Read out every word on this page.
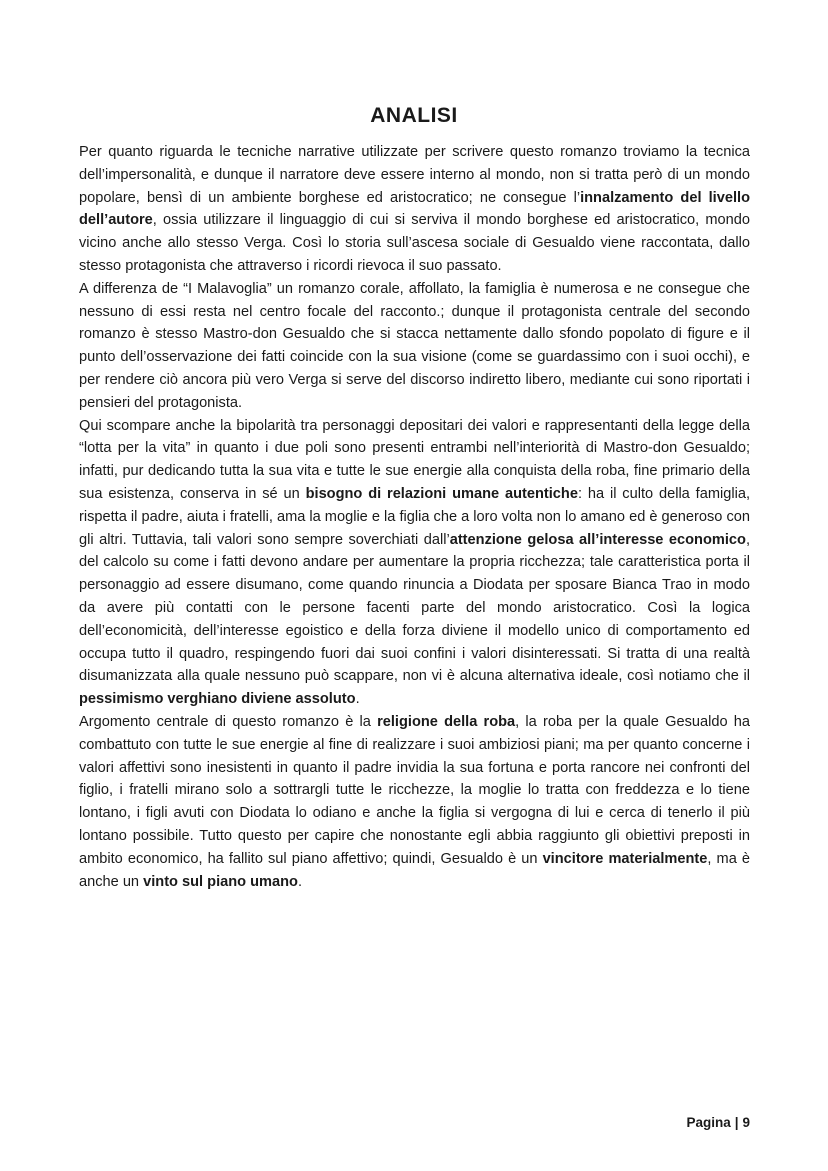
ANALISI

Per quanto riguarda le tecniche narrative utilizzate per scrivere questo romanzo troviamo la tecnica dell’impersonalità, e dunque il narratore deve essere interno al mondo, non si tratta però di un mondo popolare, bensì di un ambiente borghese ed aristocratico; ne consegue l’innalzamento del livello dell’autore, ossia utilizzare il linguaggio di cui si serviva il mondo borghese ed aristocratico, mondo vicino anche allo stesso Verga. Così lo storia sull’ascesa sociale di Gesualdo viene raccontata, dallo stesso protagonista che attraverso i ricordi rievoca il suo passato.

A differenza de “I Malavoglia” un romanzo corale, affollato, la famiglia è numerosa e ne consegue che nessuno di essi resta nel centro focale del racconto.; dunque il protagonista centrale del secondo romanzo è stesso Mastro-don Gesualdo che si stacca nettamente dallo sfondo popolato di figure e il punto dell’osservazione dei fatti coincide con la sua visione (come se guardassimo con i suoi occhi), e per rendere ciò ancora più vero Verga si serve del discorso indiretto libero, mediante cui sono riportati i pensieri del protagonista.

Qui scompare anche la bipolarità tra personaggi depositari dei valori e rappresentanti della legge della “lotta per la vita” in quanto i due poli sono presenti entrambi nell’interiorità di Mastro-don Gesualdo; infatti, pur dedicando tutta la sua vita e tutte le sue energie alla conquista della roba, fine primario della sua esistenza, conserva in sé un bisogno di relazioni umane autentiche: ha il culto della famiglia, rispetta il padre, aiuta i fratelli, ama la moglie e la figlia che a loro volta non lo amano ed è generoso con gli altri. Tuttavia, tali valori sono sempre soverchiati dall’attenzione gelosa all’interesse economico, del calcolo su come i fatti devono andare per aumentare la propria ricchezza; tale caratteristica porta il personaggio ad essere disumano, come quando rinuncia a Diodata per sposare Bianca Trao in modo da avere più contatti con le persone facenti parte del mondo aristocratico. Così la logica dell’economicità, dell’interesse egoistico e della forza diviene il modello unico di comportamento ed occupa tutto il quadro, respingendo fuori dai suoi confini i valori disinteressati. Si tratta di una realtà disumanizzata alla quale nessuno può scappare, non vi è alcuna alternativa ideale, così notiamo che il pessimismo verghiano diviene assoluto.

Argomento centrale di questo romanzo è la religione della roba, la roba per la quale Gesualdo ha combattuto con tutte le sue energie al fine di realizzare i suoi ambiziosi piani; ma per quanto concerne i valori affettivi sono inesistenti in quanto il padre invidia la sua fortuna e porta rancore nei confronti del figlio, i fratelli mirano solo a sottrargli tutte le ricchezze, la moglie lo tratta con freddezza e lo tiene lontano, i figli avuti con Diodata lo odiano e anche la figlia si vergogna di lui e cerca di tenerlo il più lontano possibile. Tutto questo per capire che nonostante egli abbia raggiunto gli obiettivi preposti in ambito economico, ha fallito sul piano affettivo; quindi, Gesualdo è un vincitore materialmente, ma è anche un vinto sul piano umano.

Pagina | 9
